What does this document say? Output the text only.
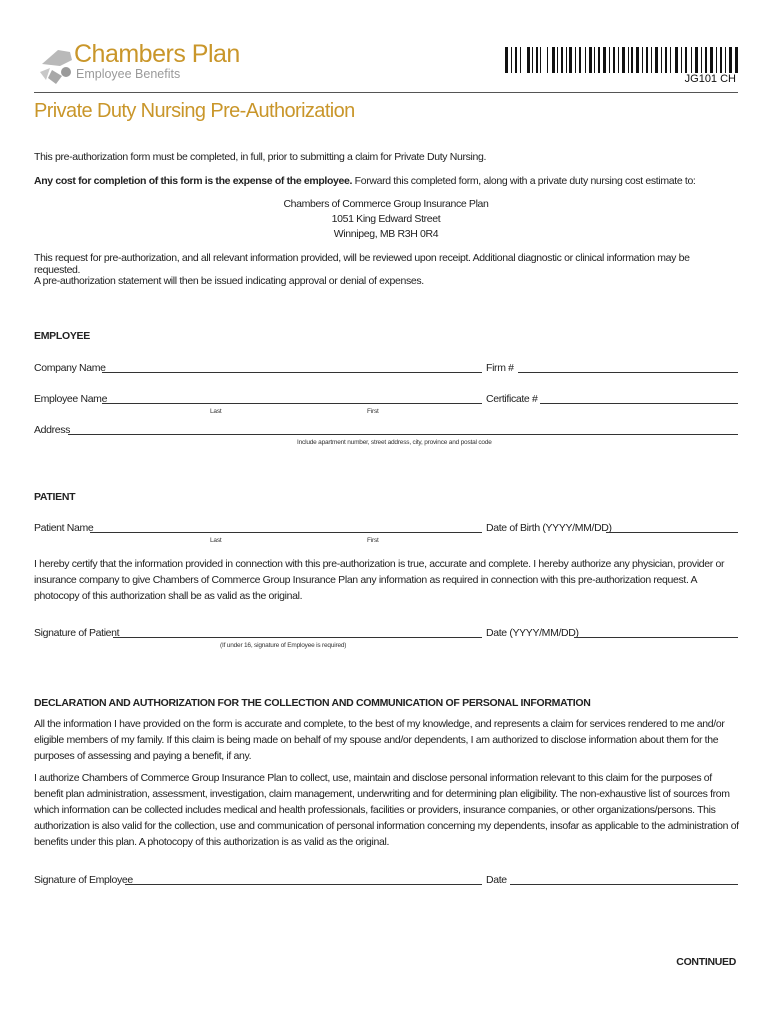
Chambers Plan
Employee Benefits	JG101 CH
Private Duty Nursing Pre-Authorization
This pre-authorization form must be completed, in full, prior to submitting a claim for Private Duty Nursing.
Any cost for completion of this form is the expense of the employee. Forward this completed form, along with a private duty nursing cost estimate to:
Chambers of Commerce Group Insurance Plan
1051 King Edward Street
Winnipeg, MB R3H 0R4
This request for pre-authorization, and all relevant information provided, will be reviewed upon receipt. Additional diagnostic or clinical information may be requested.
A pre-authorization statement will then be issued indicating approval or denial of expenses.
EMPLOYEE
Company Name	Firm #
Employee Name	Certificate #
Last	First
Address
Include apartment number, street address, city, province and postal code
PATIENT
Patient Name	Date of Birth (YYYY/MM/DD)
Last	First
I hereby certify that the information provided in connection with this pre-authorization is true, accurate and complete. I hereby authorize any physician, provider or insurance company to give Chambers of Commerce Group Insurance Plan any information as required in connection with this pre-authorization request. A photocopy of this authorization shall be as valid as the original.
Signature of Patient	Date (YYYY/MM/DD)
(If under 16, signature of Employee is required)
DECLARATION AND AUTHORIZATION FOR THE COLLECTION AND COMMUNICATION OF PERSONAL INFORMATION
All the information I have provided on the form is accurate and complete, to the best of my knowledge, and represents a claim for services rendered to me and/or eligible members of my family. If this claim is being made on behalf of my spouse and/or dependents, I am authorized to disclose information about them for the purposes of assessing and paying a benefit, if any.
I authorize Chambers of Commerce Group Insurance Plan to collect, use, maintain and disclose personal information relevant to this claim for the purposes of benefit plan administration, assessment, investigation, claim management, underwriting and for determining plan eligibility. The non-exhaustive list of sources from which information can be collected includes medical and health professionals, facilities or providers, insurance companies, or other organizations/persons. This authorization is also valid for the collection, use and communication of personal information concerning my dependents, insofar as applicable to the administration of benefits under this plan. A photocopy of this authorization is as valid as the original.
Signature of Employee	Date
CONTINUED
